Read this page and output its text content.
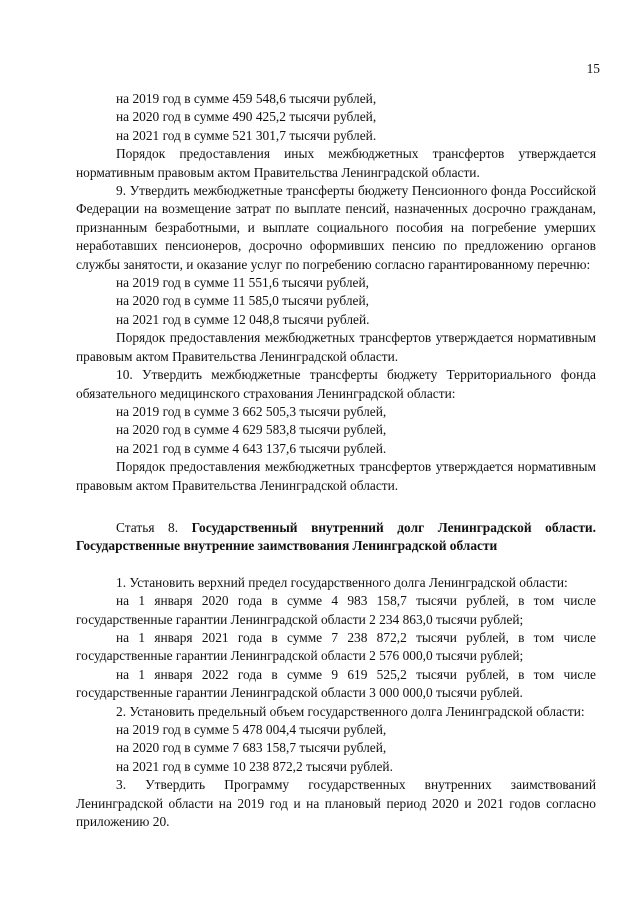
15

на 2019 год в сумме 459 548,6 тысячи рублей,

на 2020 год в сумме 490 425,2 тысячи рублей,

на 2021 год в сумме 521 301,7 тысячи рублей.

Порядок предоставления иных межбюджетных трансфертов утверждается нормативным правовым актом Правительства Ленинградской области.

9. Утвердить межбюджетные трансферты бюджету Пенсионного фонда Российской Федерации на возмещение затрат по выплате пенсий, назначенных досрочно гражданам, признанным безработными, и выплате социального пособия на погребение умерших неработавших пенсионеров, досрочно оформивших пенсию по предложению органов службы занятости, и оказание услуг по погребению согласно гарантированному перечню:

на 2019 год в сумме 11 551,6 тысячи рублей,

на 2020 год в сумме 11 585,0 тысячи рублей,

на 2021 год в сумме 12 048,8 тысячи рублей.

Порядок предоставления межбюджетных трансфертов утверждается нормативным правовым актом Правительства Ленинградской области.

10. Утвердить межбюджетные трансферты бюджету Территориального фонда обязательного медицинского страхования Ленинградской области:

на 2019 год в сумме 3 662 505,3 тысячи рублей,

на 2020 год в сумме 4 629 583,8 тысячи рублей,

на 2021 год в сумме 4 643 137,6 тысячи рублей.

Порядок предоставления межбюджетных трансфертов утверждается нормативным правовым актом Правительства Ленинградской области.

Статья 8. Государственный внутренний долг Ленинградской области. Государственные внутренние заимствования Ленинградской области

1. Установить верхний предел государственного долга Ленинградской области:

на 1 января 2020 года в сумме 4 983 158,7 тысячи рублей, в том числе государственные гарантии Ленинградской области 2 234 863,0 тысячи рублей;

на 1 января 2021 года в сумме 7 238 872,2 тысячи рублей, в том числе государственные гарантии Ленинградской области 2 576 000,0 тысячи рублей;

на 1 января 2022 года в сумме 9 619 525,2 тысячи рублей, в том числе государственные гарантии Ленинградской области 3 000 000,0 тысячи рублей.

2. Установить предельный объем государственного долга Ленинградской области:

на 2019 год в сумме 5 478 004,4 тысячи рублей,

на 2020 год в сумме 7 683 158,7 тысячи рублей,

на 2021 год в сумме 10 238 872,2 тысячи рублей.

3. Утвердить Программу государственных внутренних заимствований Ленинградской области на 2019 год и на плановый период 2020 и 2021 годов согласно приложению 20.
